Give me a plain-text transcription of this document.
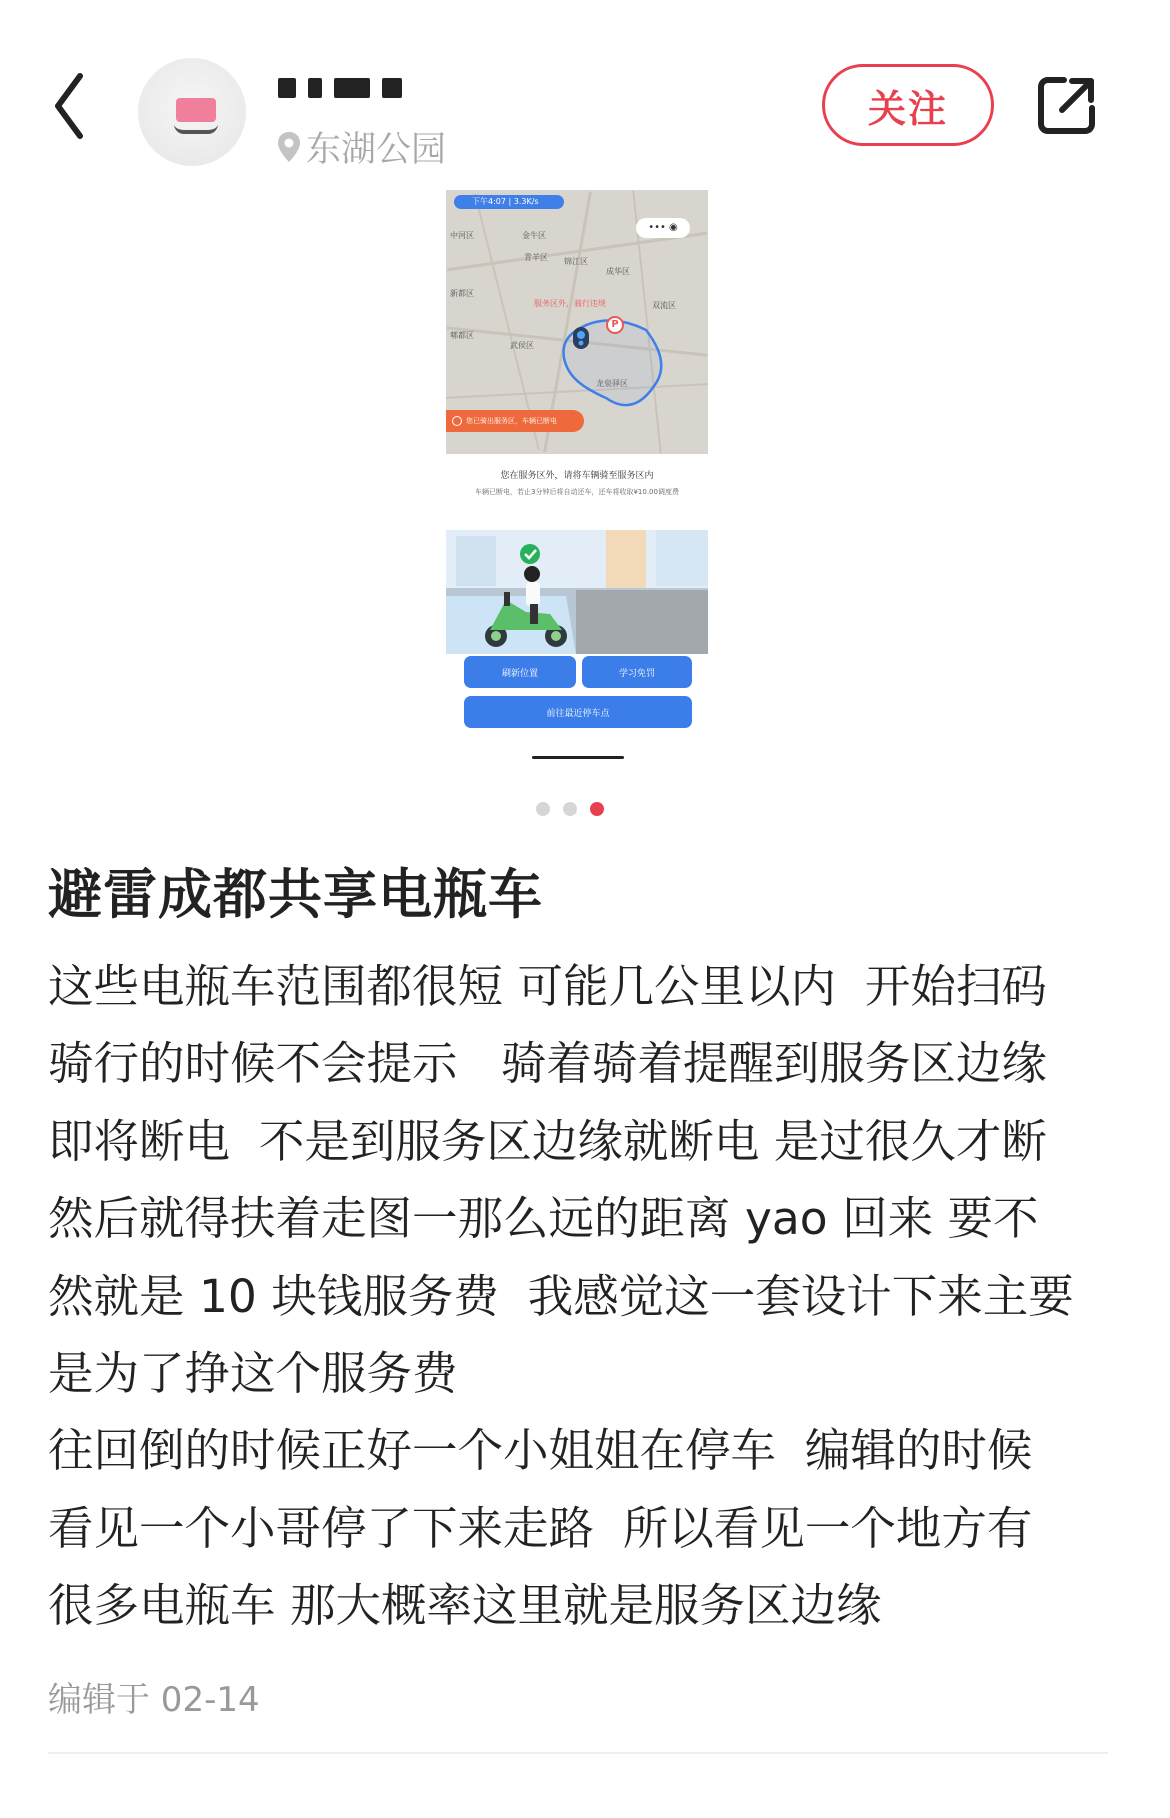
东湖公园
关注
下午4:07 | 3.3K/s
••• ◉
中河区	金牛区
青羊区 锦江区
成华区
武侯区
双流区
新都区
郫都区
服务区外，骑行违规
P
您已骑出服务区，车辆已断电
您在服务区外，请将车辆骑至服务区内
车辆已断电，若止3分钟后将自动还车，还车将收取¥10.00调度费
刷新位置	学习免罚
前往最近停车点
避雷成都共享电瓶车
这些电瓶车范围都很短 可能几公里以内  开始扫码
骑行的时候不会提示   骑着骑着提醒到服务区边缘
即将断电  不是到服务区边缘就断电 是过很久才断
然后就得扶着走图一那么远的距离 yao 回来 要不
然就是 10 块钱服务费  我感觉这一套设计下来主要
是为了挣这个服务费
往回倒的时候正好一个小姐姐在停车  编辑的时候
看见一个小哥停了下来走路  所以看见一个地方有
很多电瓶车 那大概率这里就是服务区边缘
编辑于 02-14
